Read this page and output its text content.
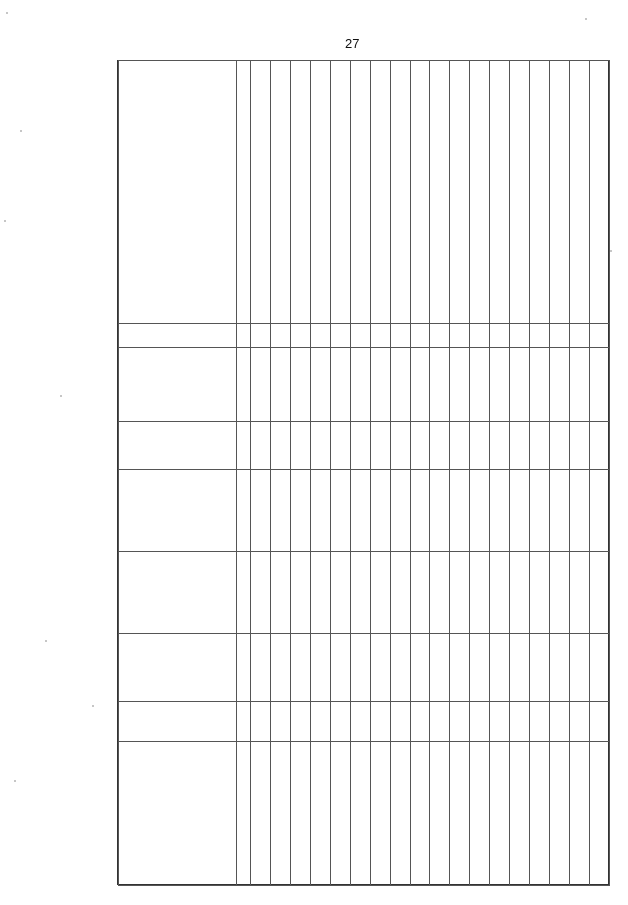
27
